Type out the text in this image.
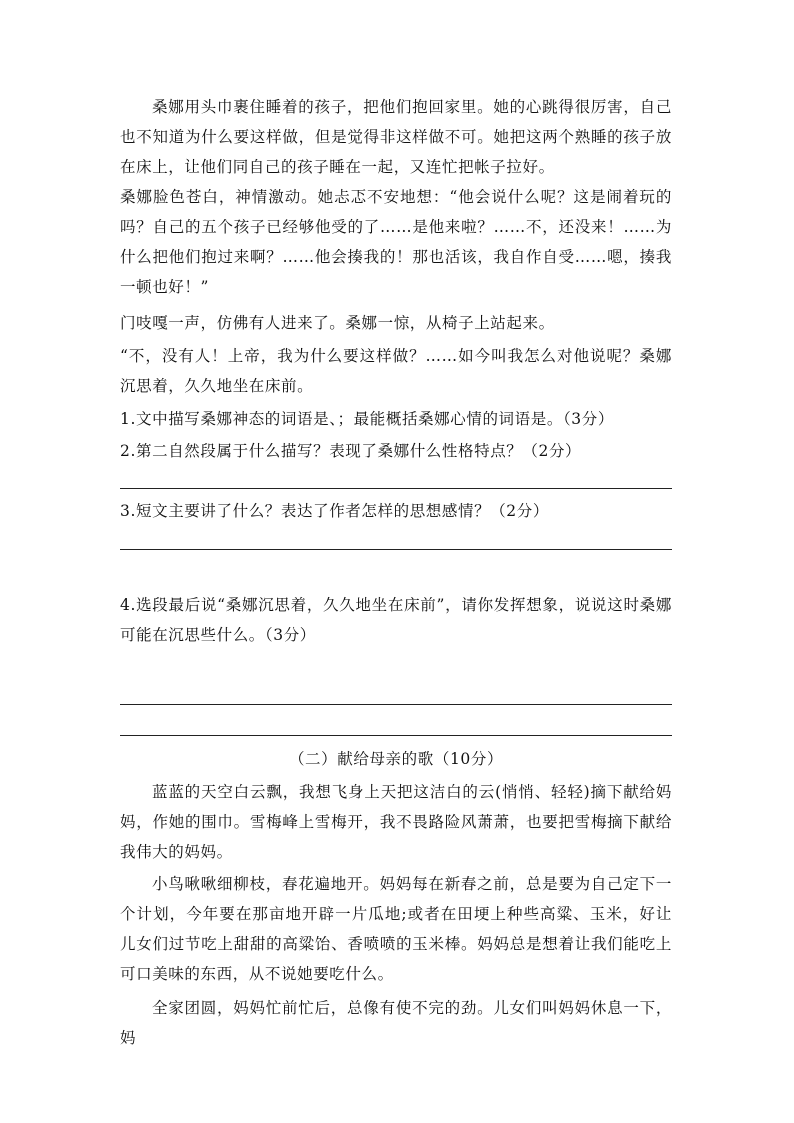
桑娜用头巾裹住睡着的孩子，把他们抱回家里。她的心跳得很厉害，自己也不知道为什么要这样做，但是觉得非这样做不可。她把这两个熟睡的孩子放在床上，让他们同自己的孩子睡在一起，又连忙把帐子拉好。

桑娜脸色苍白，神情激动。她忐忑不安地想：“他会说什么呢？这是闹着玩的吗？自己的五个孩子已经够他受的了……是他来啦？……不，还没来！……为什么把他们抱过来啊？……他会揍我的！那也活该，我自作自受……嗯，揍我一顿也好！”

门吱嘎一声，仿佛有人进来了。桑娜一惊，从椅子上站起来。

“不，没有人！上帝，我为什么要这样做？……如今叫我怎么对他说呢？桑娜沉思着，久久地坐在床前。

1.文中描写桑娜神态的词语是、；最能概括桑娜心情的词语是。（3分）

2.第二自然段属于什么描写？表现了桑娜什么性格特点？（2分）

3.短文主要讲了什么？表达了作者怎样的思想感情？（2分）

4.选段最后说“桑娜沉思着，久久地坐在床前”，请你发挥想象，说说这时桑娜可能在沉思些什么。（3分）

（二）献给母亲的歌（10分）

蓝蓝的天空白云飘，我想飞身上天把这洁白的云(悄悄、轻轻)摘下献给妈妈，作她的围巾。雪梅峰上雪梅开，我不畏路险风萧萧，也要把雪梅摘下献给我伟大的妈妈。

小鸟啾啾细柳枝，春花遍地开。妈妈每在新春之前，总是要为自己定下一个计划，今年要在那亩地开辟一片瓜地;或者在田埂上种些高粱、玉米，好让儿女们过节吃上甜甜的高粱饴、香喷喷的玉米棒。妈妈总是想着让我们能吃上可口美味的东西，从不说她要吃什么。

全家团圆，妈妈忙前忙后，总像有使不完的劲。儿女们叫妈妈休息一下，妈
